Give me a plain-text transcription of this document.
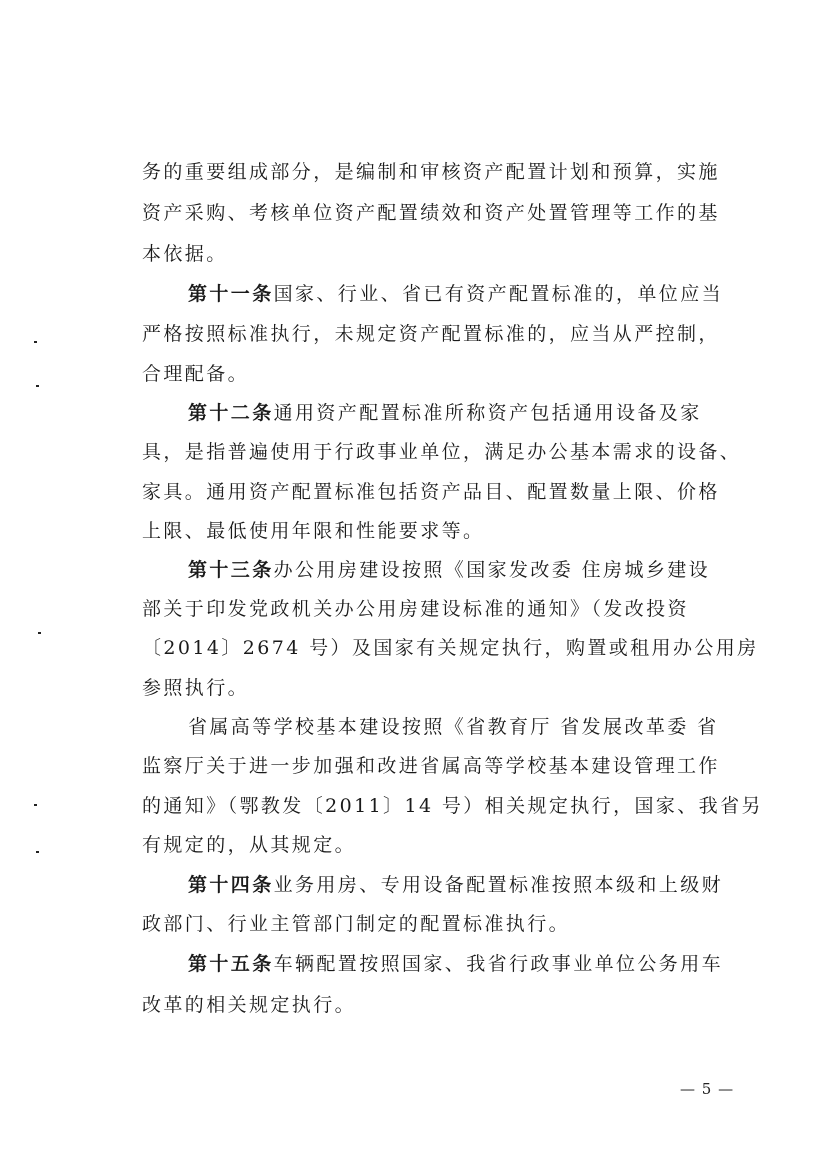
务的重要组成部分，是编制和审核资产配置计划和预算，实施
资产采购、考核单位资产配置绩效和资产处置管理等工作的基
本依据。
第十一条国家、行业、省已有资产配置标准的，单位应当
严格按照标准执行，未规定资产配置标准的，应当从严控制，
合理配备。
第十二条通用资产配置标准所称资产包括通用设备及家
具，是指普遍使用于行政事业单位，满足办公基本需求的设备、
家具。通用资产配置标准包括资产品目、配置数量上限、价格
上限、最低使用年限和性能要求等。
第十三条办公用房建设按照《国家发改委 住房城乡建设
部关于印发党政机关办公用房建设标准的通知》（发改投资
〔2014〕2674 号）及国家有关规定执行，购置或租用办公用房
参照执行。
省属高等学校基本建设按照《省教育厅 省发展改革委 省
监察厅关于进一步加强和改进省属高等学校基本建设管理工作
的通知》（鄂教发〔2011〕14 号）相关规定执行，国家、我省另
有规定的，从其规定。
第十四条业务用房、专用设备配置标准按照本级和上级财
政部门、行业主管部门制定的配置标准执行。
第十五条车辆配置按照国家、我省行政事业单位公务用车
改革的相关规定执行。
— 5 —
